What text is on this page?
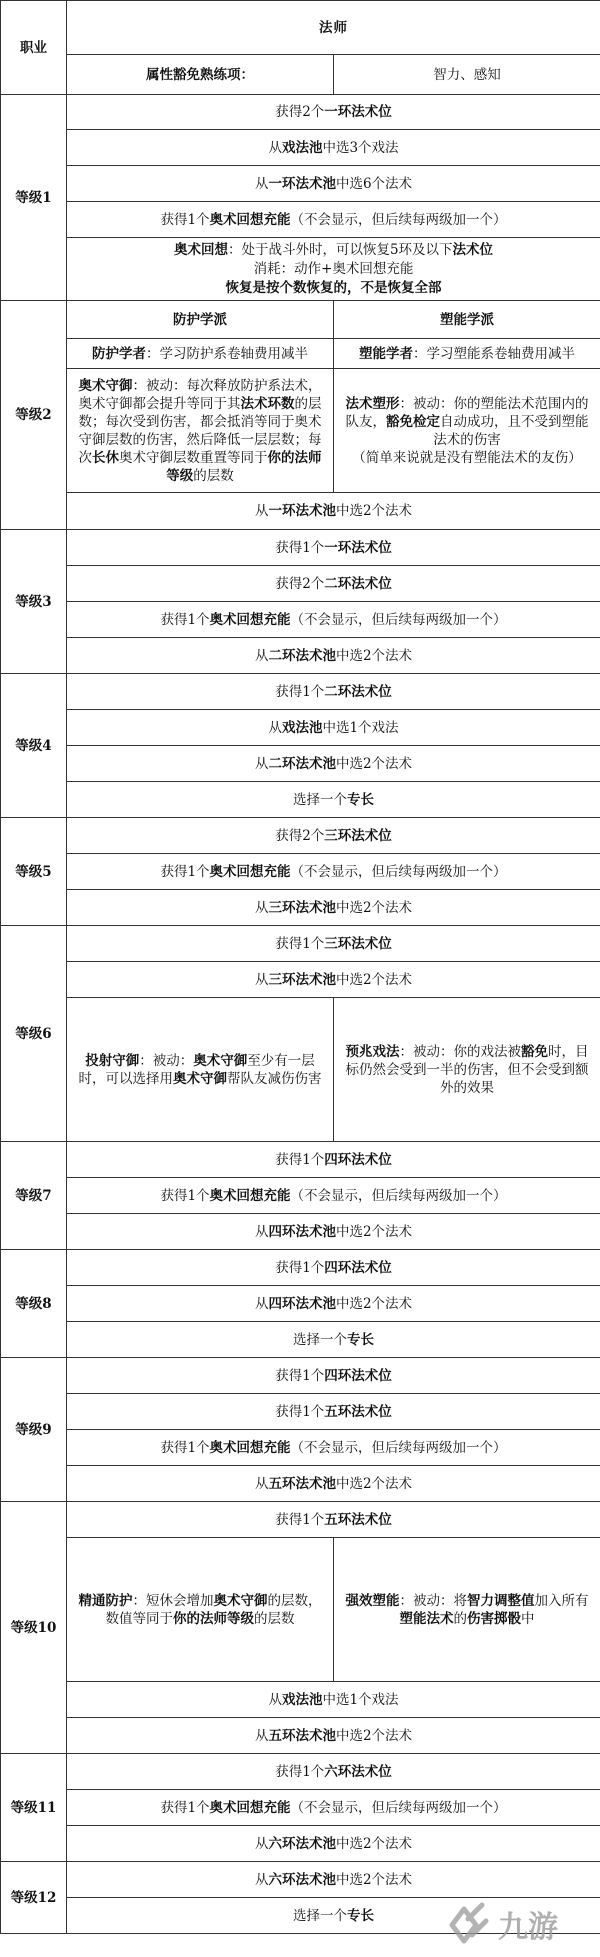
职业	法师	
	属性豁免熟练项：	智力、感知
等级1	获得2个一环法术位	
	从戏法池中选3个戏法	
	从一环法术池中选6个法术	
	获得1个奥术回想充能（不会显示，但后续每两级加一个）	

	奥术回想：处于战斗外时，可以恢复5环及以下法术位
消耗：动作+奥术回想充能
恢复是按个数恢复的，不是恢复全部	

等级2	防护学派	塑能学派
	防护学者：学习防护系卷轴费用减半	塑能学者：学习塑能系卷轴费用减半
	奥术守御：被动：每次释放防护系法术，奥术守御都会提升等同于其法术环数的层数；每次受到伤害，都会抵消等同于奥术守御层数的伤害，然后降低一层层数；每次长休奥术守御层数重置等同于你的法师等级的层数	法术塑形：被动：你的塑能法术范围内的队友，豁免检定自动成功，且不受到塑能法术的伤害
（简单来说就是没有塑能法术的友伤）

	从一环法术池中选2个法术	
等级3	获得1个一环法术位	
	获得2个二环法术位	
	获得1个奥术回想充能（不会显示，但后续每两级加一个）	
	从二环法术池中选2个法术	
等级4	获得1个二环法术位	
	从戏法池中选1个戏法	
	从二环法术池中选2个法术	
	选择一个专长	
等级5	获得2个三环法术位	
	获得1个奥术回想充能（不会显示，但后续每两级加一个）	
	从三环法术池中选2个法术	
等级6	获得1个三环法术位	
	从三环法术池中选2个法术	
	投射守御：被动：奥术守御至少有一层时，可以选择用奥术守御帮队友减伤伤害	预兆戏法：被动：你的戏法被豁免时，目标仍然会受到一半的伤害，但不会受到额外的效果
等级7	获得1个四环法术位	
	获得1个奥术回想充能（不会显示，但后续每两级加一个）	
	从四环法术池中选2个法术	
等级8	获得1个四环法术位	
	从四环法术池中选2个法术	
	选择一个专长	
等级9	获得1个四环法术位	
	获得1个五环法术位	
	获得1个奥术回想充能（不会显示，但后续每两级加一个）	
	从五环法术池中选2个法术	
等级10	获得1个五环法术位	
	精通防护：短休会增加奥术守御的层数，数值等同于你的法师等级的层数	强效塑能：被动：将智力调整值加入所有塑能法术的伤害掷骰中
	从戏法池中选1个戏法	
	从五环法术池中选2个法术	
等级11	获得1个六环法术位	
	获得1个奥术回想充能（不会显示，但后续每两级加一个）	
	从六环法术池中选2个法术	
等级12	从六环法术池中选2个法术	
	选择一个专长		九游
